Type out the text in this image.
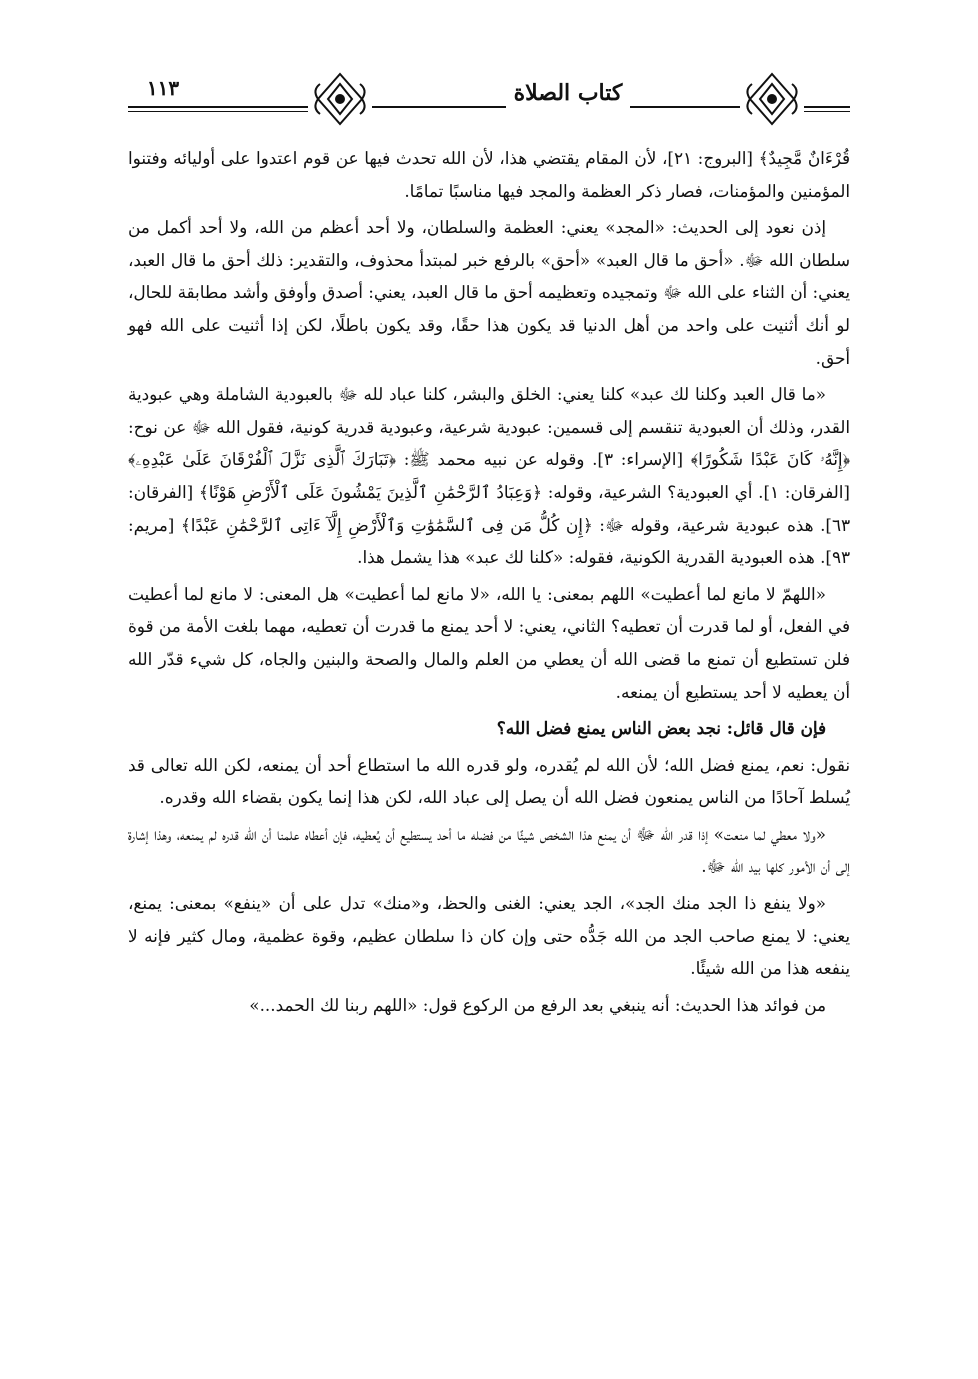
١١٣	كتاب الصلاة

قُرْءَانٌ مَّجِيدٌ﴾ [البروج: ٢١]، لأن المقام يقتضي هذا، لأن الله تحدث فيها عن قوم اعتدوا على أوليائه وفتنوا المؤمنين والمؤمنات، فصار ذكر العظمة والمجد فيها مناسبًا تمامًا.

إذن نعود إلى الحديث: «المجد» يعني: العظمة والسلطان، ولا أحد أعظم من الله، ولا أحد أكمل من سلطان الله ﷻ. «أحق ما قال العبد» «أحق» بالرفع خبر لمبتدأ محذوف، والتقدير: ذلك أحق ما قال العبد، يعني: أن الثناء على الله ﷻ وتمجيده وتعظيمه أحق ما قال العبد، يعني: أصدق وأوفق وأشد مطابقة للحال، لو أنك أثنيت على واحد من أهل الدنيا قد يكون هذا حقًا، وقد يكون باطلًا، لكن إذا أثنيت على الله فهو أحق.

«ما قال العبد وكلنا لك عبد» كلنا يعني: الخلق والبشر، كلنا عباد لله ﷻ بالعبودية الشاملة وهي عبودية القدر، وذلك أن العبودية تنقسم إلى قسمين: عبودية شرعية، وعبودية قدرية كونية، فقول الله ﷻ عن نوح: ﴿إِنَّهُۥ كَانَ عَبْدًا شَكُورًا﴾ [الإسراء: ٣]. وقوله عن نبيه محمد ﷺ: ﴿تَبَارَكَ ٱلَّذِى نَزَّلَ ٱلْفُرْقَانَ عَلَىٰ عَبْدِهِۦ﴾ [الفرقان: ١]. أي العبودية؟ الشرعية، وقوله: ﴿وَعِبَادُ ٱلرَّحْمَٰنِ ٱلَّذِينَ يَمْشُونَ عَلَى ٱلْأَرْضِ هَوْنًا﴾ [الفرقان: ٦٣]. هذه عبودية شرعية، وقوله ﷻ: ﴿إِن كُلُّ مَن فِى ٱلسَّمَٰوَٰتِ وَٱلْأَرْضِ إِلَّآ ءَاتِى ٱلرَّحْمَٰنِ عَبْدًا﴾ [مريم: ٩٣]. هذه العبودية القدرية الكونية، فقوله: «كلنا لك عبد» هذا يشمل هذا.

«اللهمّ لا مانع لما أعطيت» اللهم بمعنى: يا الله، «لا مانع لما أعطيت» هل المعنى: لا مانع لما أعطيت في الفعل، أو لما قدرت أن تعطيه؟ الثاني، يعني: لا أحد يمنع ما قدرت أن تعطيه، مهما بلغت الأمة من قوة فلن تستطيع أن تمنع ما قضى الله أن يعطي من العلم والمال والصحة والبنين والجاه، كل شيء قدّر الله أن يعطيه لا أحد يستطيع أن يمنعه.

فإن قال قائل: نجد بعض الناس يمنع فضل الله؟

نقول: نعم، يمنع فضل الله؛ لأن الله لم يُقدره، ولو قدره الله ما استطاع أحد أن يمنعه، لكن الله تعالى قد يُسلط آحادًا من الناس يمنعون فضل الله أن يصل إلى عباد الله، لكن هذا إنما يكون بقضاء الله وقدره.

«ولا معطي لما منعت» إذا قدر الله ﷻ أن يمنع هذا الشخص شيئًا من فضله ما أحد يستطيع أن يُعطيه، فإن أعطاه علمنا أن الله قدره لم يمنعه، وهذا إشارة إلى أن الأمور كلها بيد الله ﷻ.

«ولا ينفع ذا الجد منك الجد»، الجد يعني: الغنى والحظ، و«منك» تدل على أن «ينفع» بمعنى: يمنع، يعني: لا يمنع صاحب الجد من الله جَدُّه حتى وإن كان ذا سلطان عظيم، وقوة عظمية، ومال كثير فإنه لا ينفعه هذا من الله شيئًا.

من فوائد هذا الحديث: أنه ينبغي بعد الرفع من الركوع قول: «اللهم ربنا لك الحمد...»
